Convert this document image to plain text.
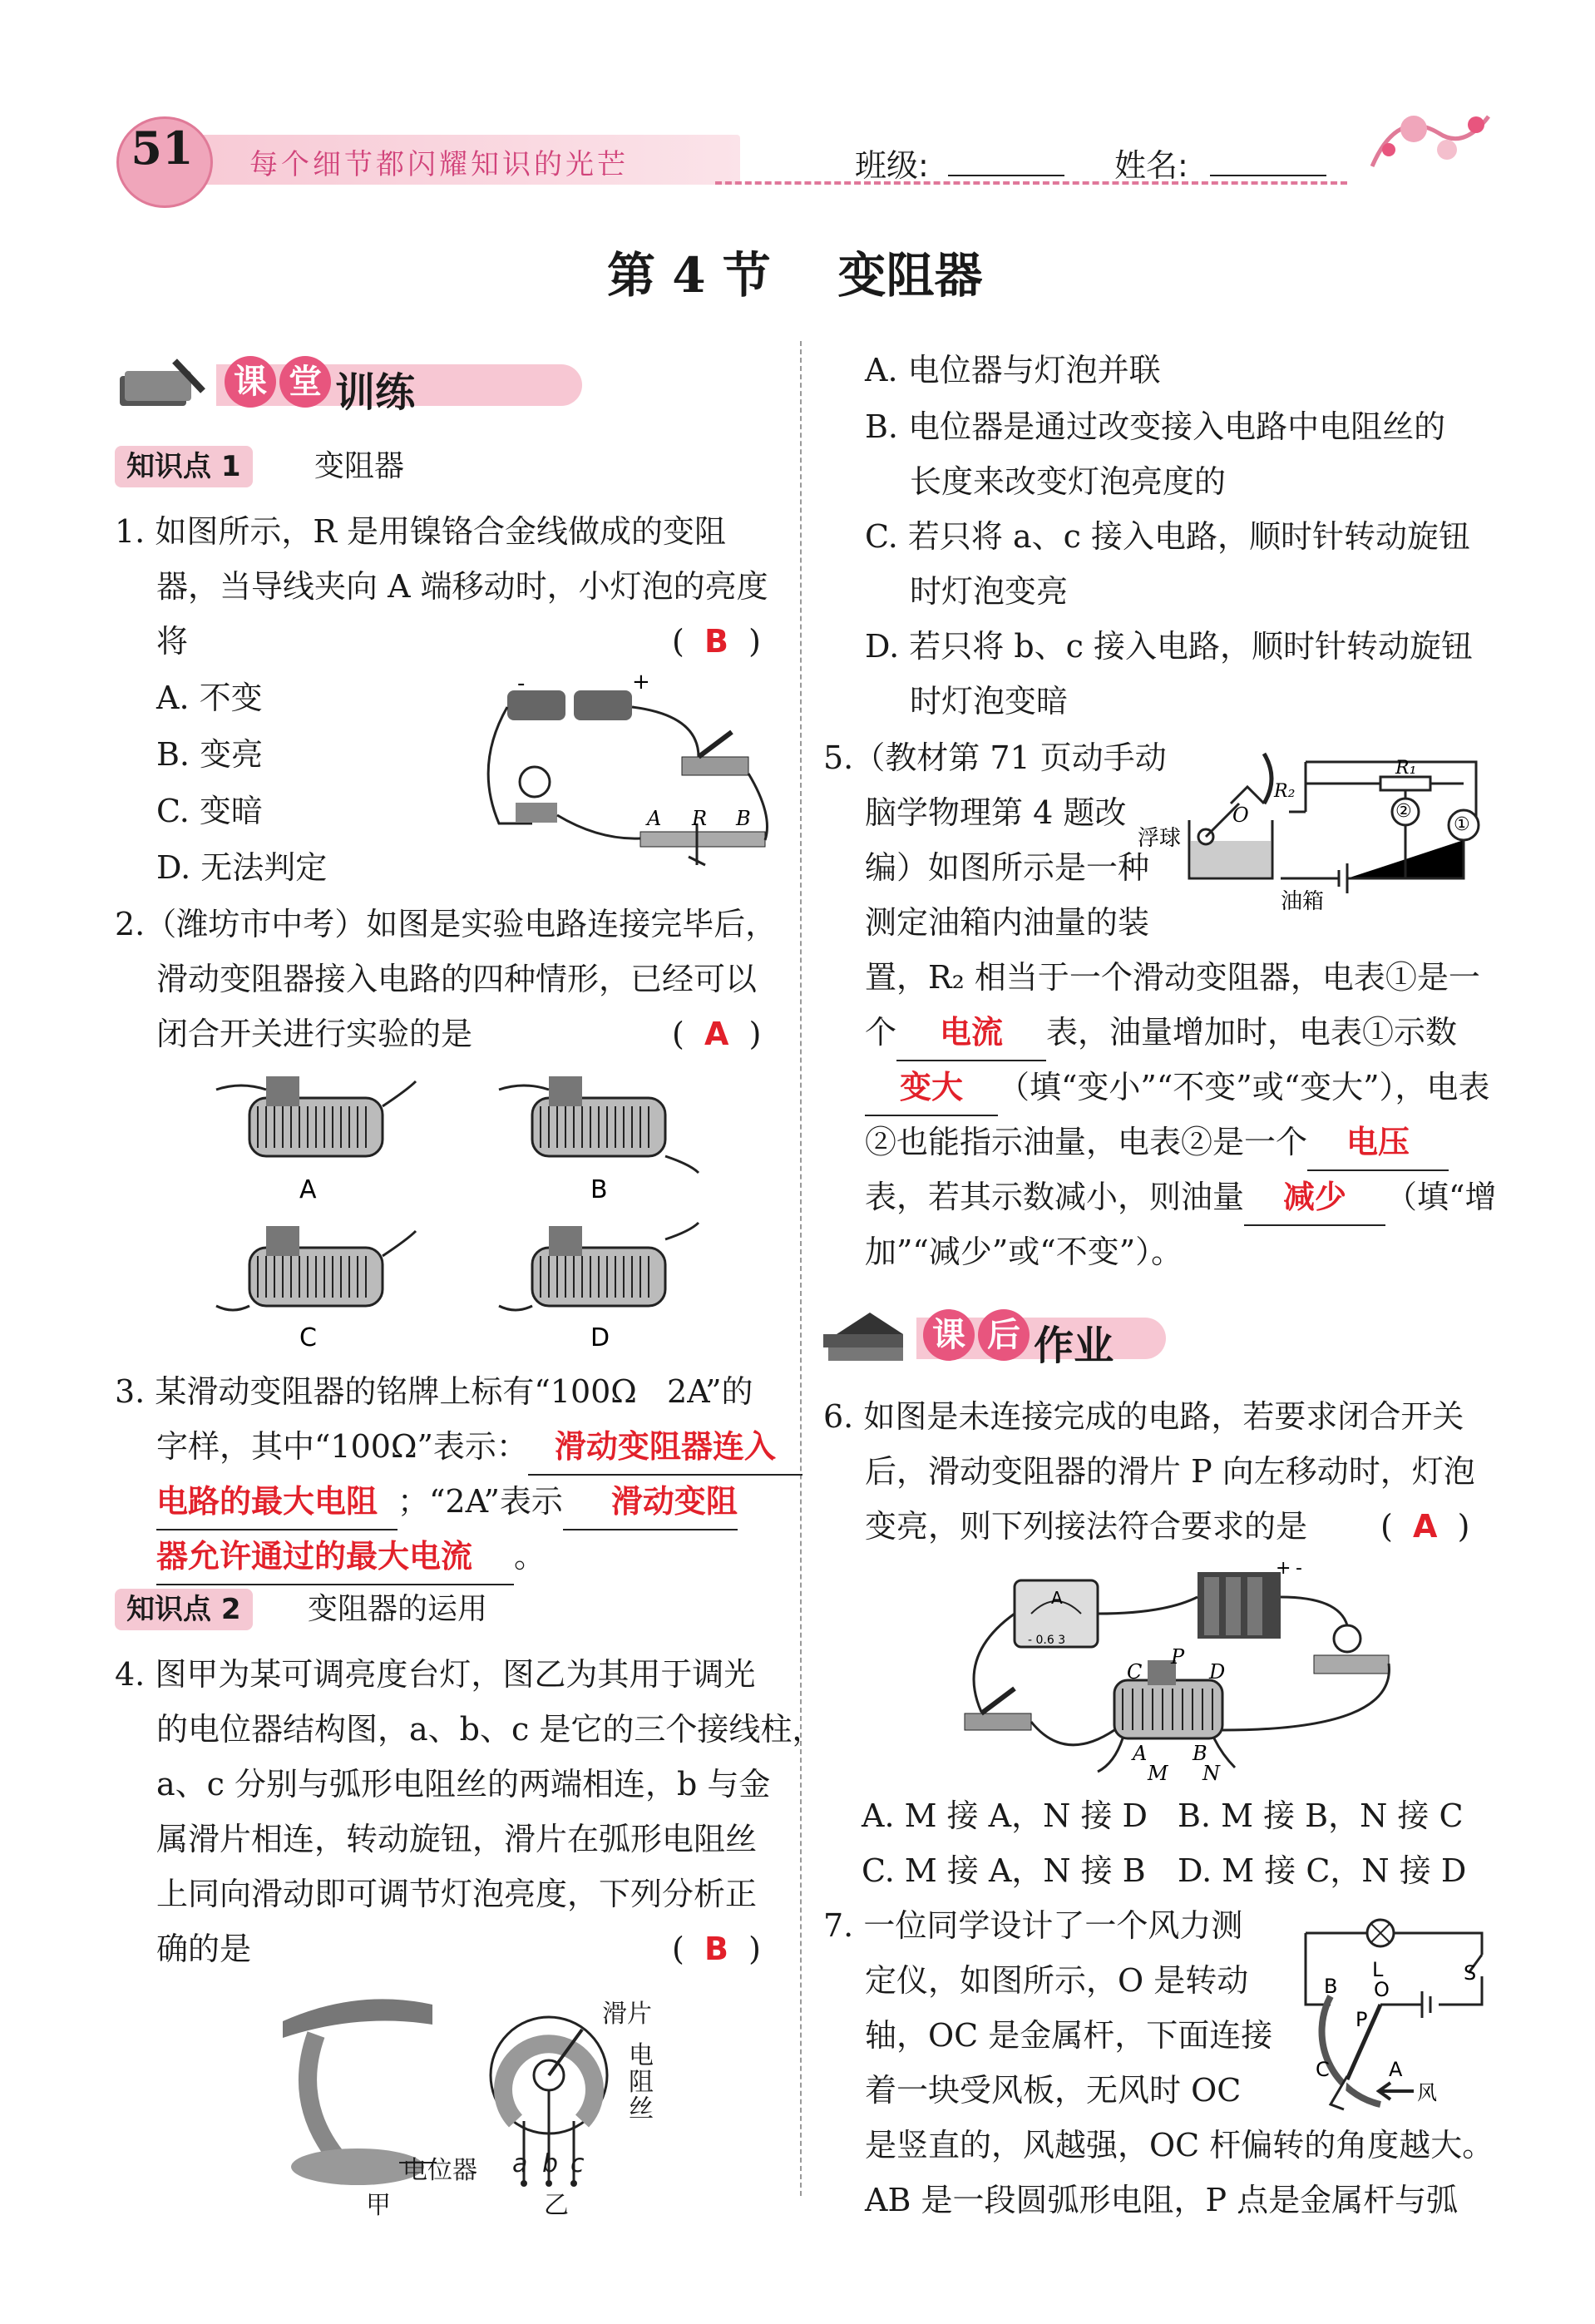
51 每个细节都闪耀知识的光芒	班级:	姓名:
第 4 节    变阻器
课 堂 训练
知识点 1	变阻器
1. 如图所示，R 是用镍铬合金线做成的变阻
器，当导线夹向 A 端移动时，小灯泡的亮度
将	( B )
A. 不变
B. 变亮
C. 变暗
D. 无法判定
-	+
A R B
2.（潍坊市中考）如图是实验电路连接完毕后，
滑动变阻器接入电路的四种情形，已经可以
闭合开关进行实验的是	( A )
A	B
C	D
3. 某滑动变阻器的铭牌上标有“100Ω   2A”的
字样，其中“100Ω”表示： 滑动变阻器连入
电路的最大电阻 ；“2A”表示 滑动变阻
器允许通过的最大电流 。
知识点 2	变阻器的运用
4. 图甲为某可调亮度台灯，图乙为其用于调光
的电位器结构图，a、b、c 是它的三个接线柱，
a、c 分别与弧形电阻丝的两端相连，b 与金
属滑片相连，转动旋钮，滑片在弧形电阻丝
上同向滑动即可调节灯泡亮度，下列分析正
确的是	( B )
电位器
甲
滑片
电阻丝
a b c
乙
A. 电位器与灯泡并联
B. 电位器是通过改变接入电路中电阻丝的
长度来改变灯泡亮度的
C. 若只将 a、c 接入电路，顺时针转动旋钮
时灯泡变亮
D. 若只将 b、c 接入电路，顺时针转动旋钮
时灯泡变暗
5.（教材第 71 页动手动
脑学物理第 4 题改
编）如图所示是一种
测定油箱内油量的装
②
①
R₁
R₂
O
浮球
油箱
置，R₂ 相当于一个滑动变阻器，电表①是一
个 电流 表，油量增加时，电表①示数
变大 （填“变小”“不变”或“变大”），电表
②也能指示油量，电表②是一个 电压
表，若其示数减小，则油量 减少 （填“增
加”“减少”或“不变”）。
课 后 作业
6. 如图是未连接完成的电路，若要求闭合开关
后，滑动变阻器的滑片 P 向左移动时，灯泡
变亮，则下列接法符合要求的是 ( A )
A
- 0.6 3
+ -
C
P
D
A B
M N
A. M 接 A，N 接 D B. M 接 B，N 接 C
C. M 接 A，N 接 B D. M 接 C，N 接 D
7. 一位同学设计了一个风力测
定仪，如图所示，O 是转动
轴，OC 是金属杆，下面连接
着一块受风板，无风时 OC
是竖直的，风越强，OC 杆偏转的角度越大。
AB 是一段圆弧形电阻，P 点是金属杆与弧
L	S
B O
P
C	A
风
